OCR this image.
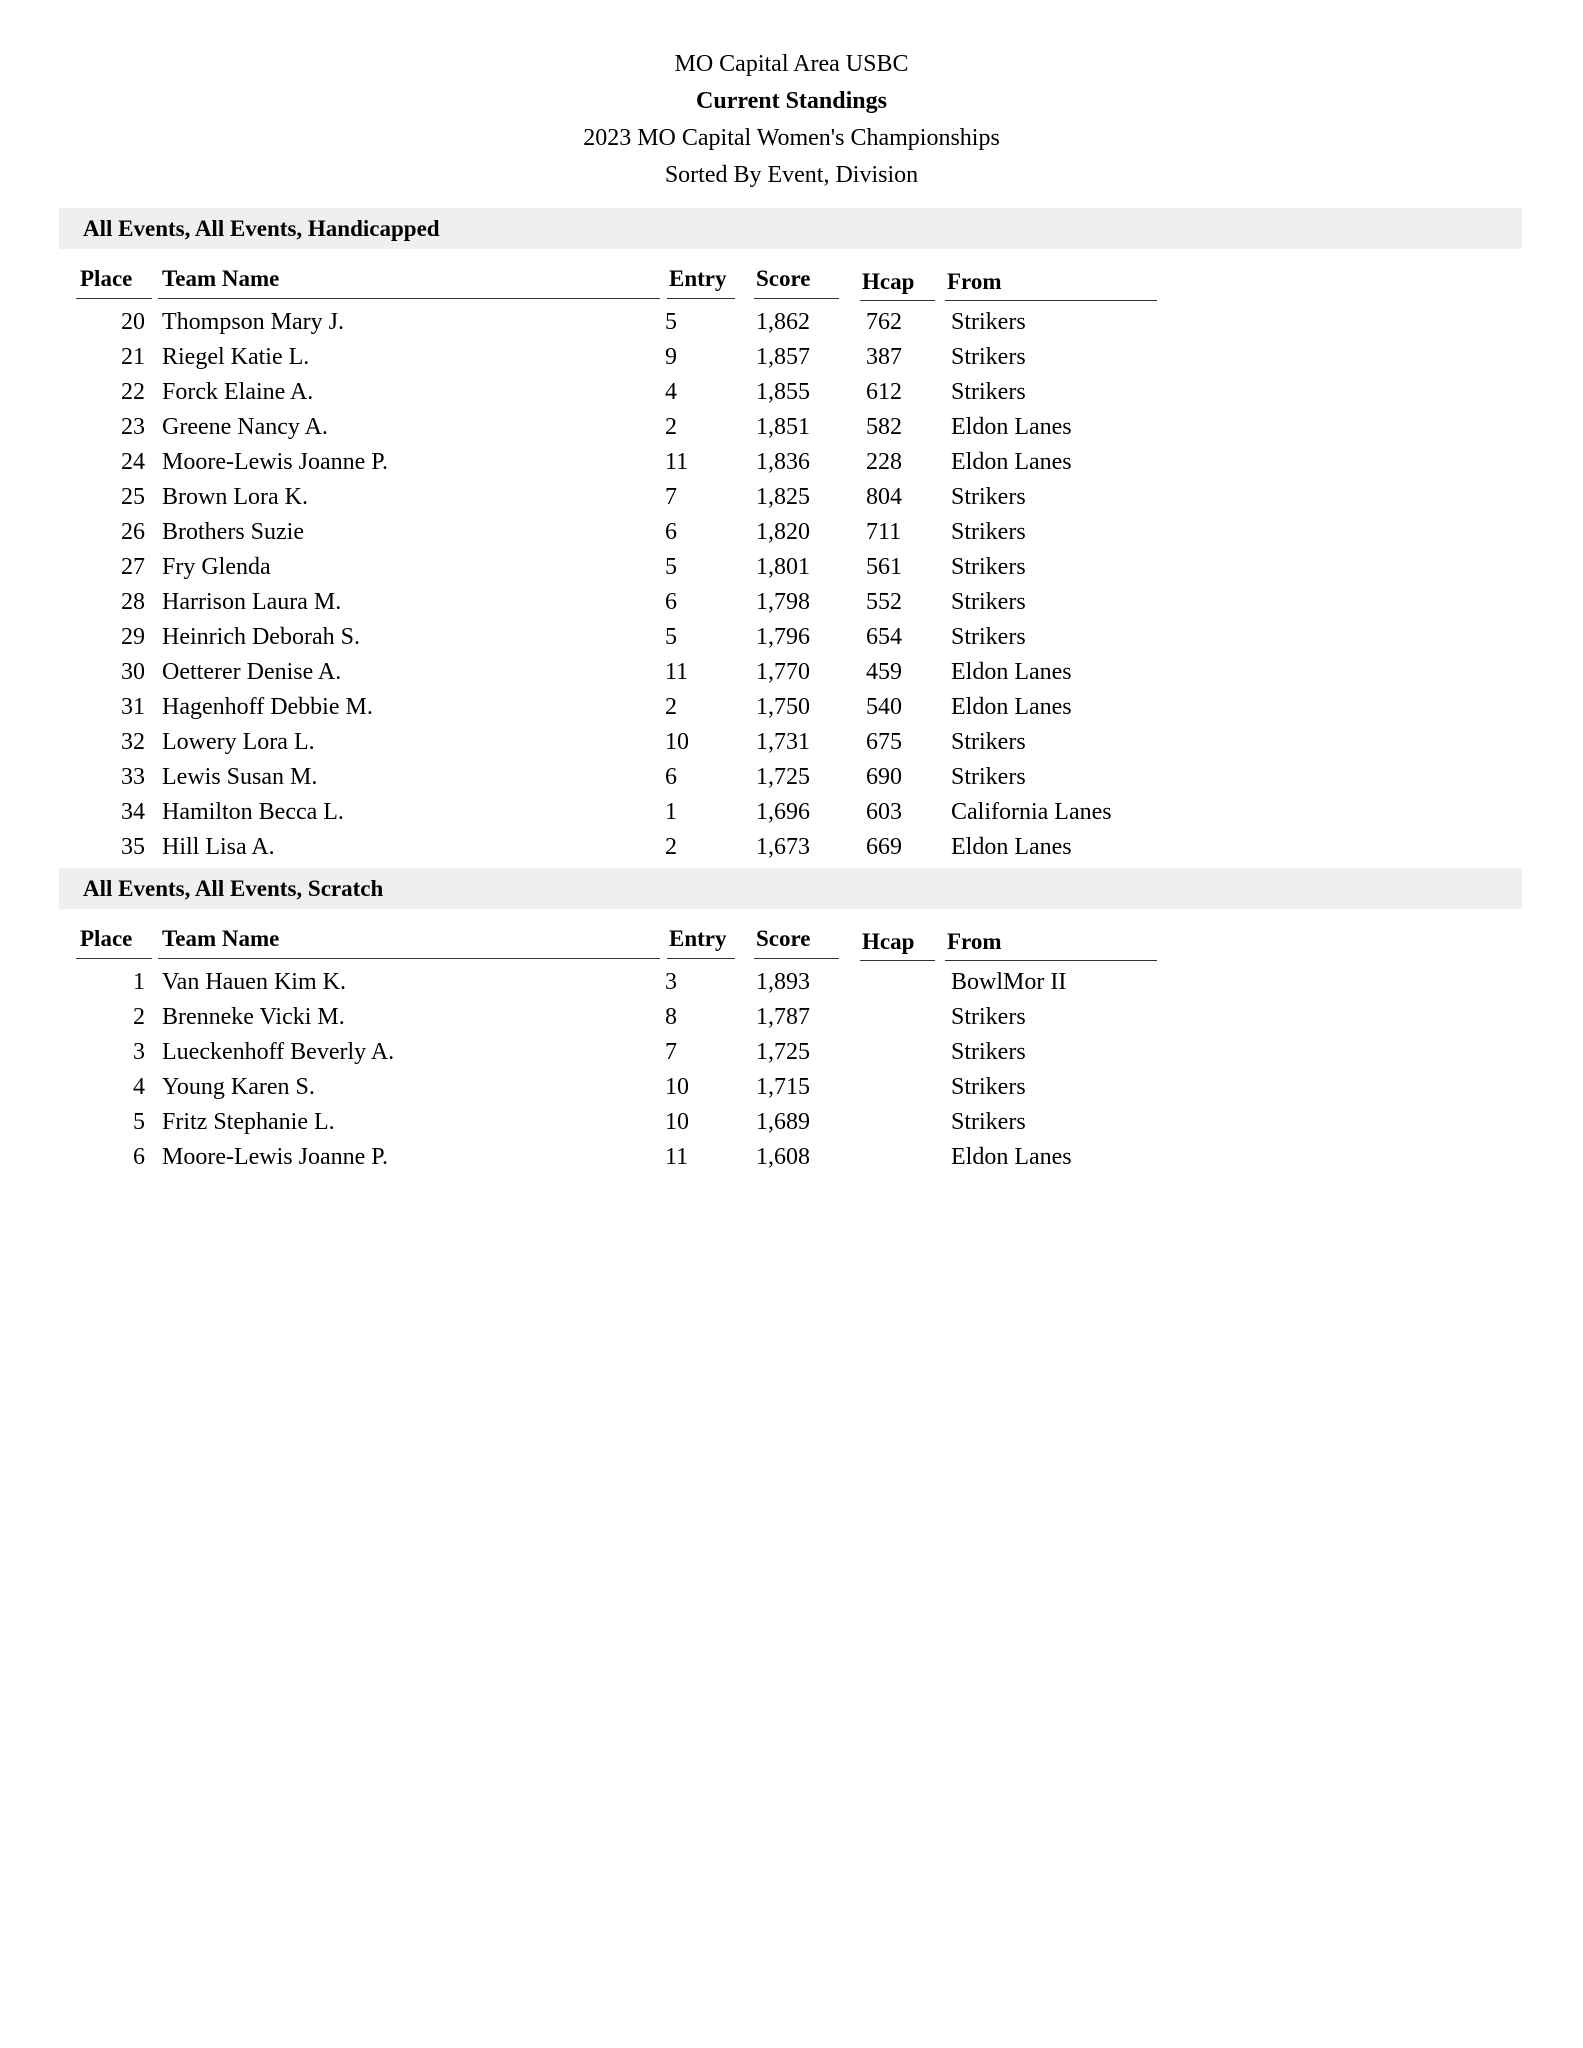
MO Capital Area USBC
Current Standings
2023 MO Capital Women's Championships
Sorted By Event, Division
All Events, All Events, Handicapped
Place Team Name	Entry Score Hcap From
20 Thompson Mary J.	5	1,862 762 Strikers
21 Riegel Katie L.	9	1,857 387 Strikers
22 Forck Elaine A.	4	1,855 612 Strikers
23 Greene Nancy A.	2	1,851 582 Eldon Lanes
24 Moore-Lewis Joanne P.	11	1,836 228 Eldon Lanes
25 Brown Lora K.	7	1,825 804 Strikers
26 Brothers Suzie	6	1,820 711 Strikers
27 Fry Glenda	5	1,801 561 Strikers
28 Harrison Laura M.	6	1,798 552 Strikers
29 Heinrich Deborah S.	5	1,796 654 Strikers
30 Oetterer Denise A.	11	1,770 459 Eldon Lanes
31 Hagenhoff Debbie M.	2	1,750 540 Eldon Lanes
32 Lowery Lora L.	10	1,731 675 Strikers
33 Lewis Susan M.	6	1,725 690 Strikers
34 Hamilton Becca L.	1	1,696 603 California Lanes
35 Hill Lisa A.	2	1,673 669 Eldon Lanes
All Events, All Events, Scratch
Place Team Name	Entry Score Hcap From
1 Van Hauen Kim K.	3	1,893	BowlMor II
2 Brenneke Vicki M.	8	1,787	Strikers
3 Lueckenhoff Beverly A.	7	1,725	Strikers
4 Young Karen S.	10	1,715	Strikers
5 Fritz Stephanie L.	10	1,689	Strikers
6 Moore-Lewis Joanne P.	11	1,608	Eldon Lanes
